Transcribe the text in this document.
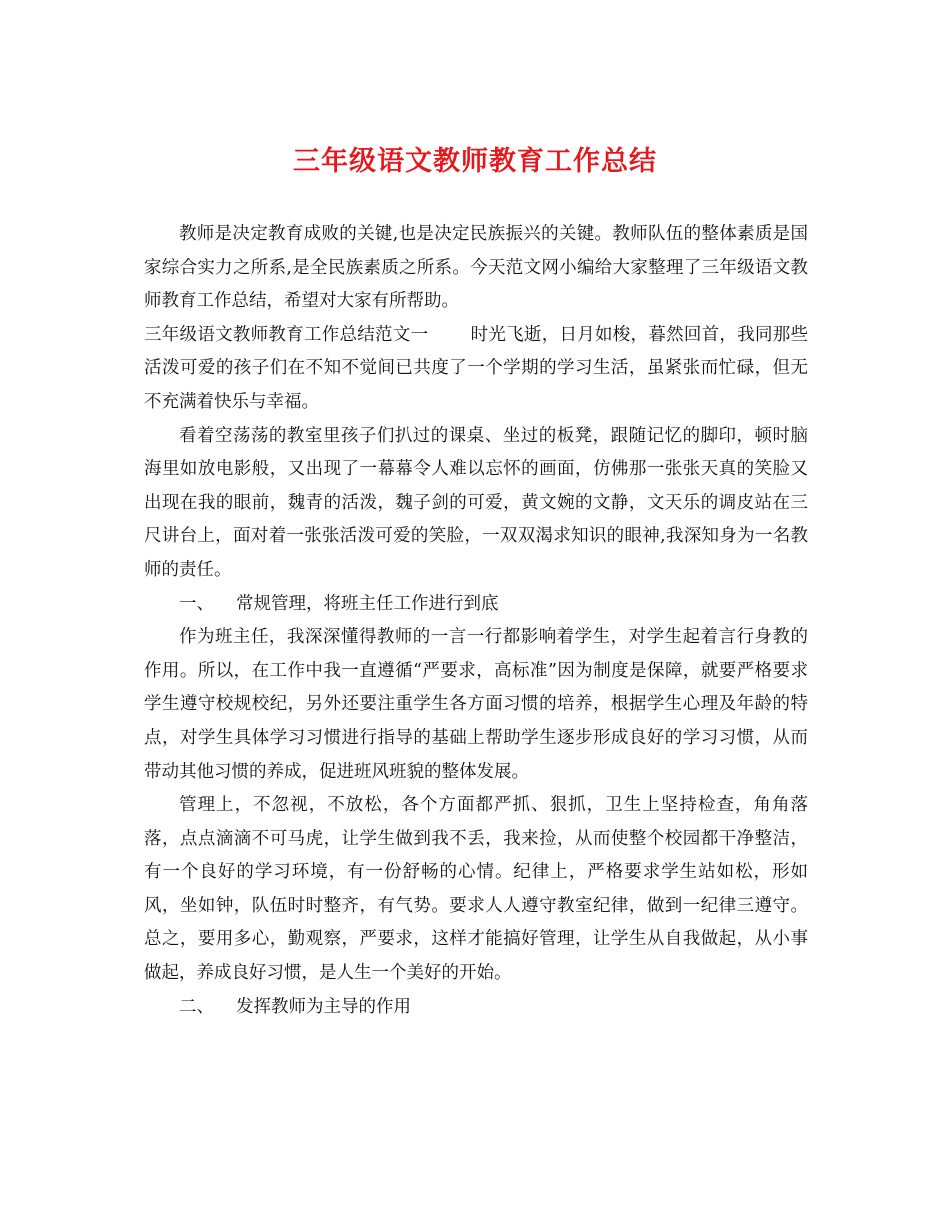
三年级语文教师教育工作总结

教师是决定教育成败的关键,也是决定民族振兴的关键。教师队伍的整体素质是国家综合实力之所系,是全民族素质之所系。今天范文网小编给大家整理了三年级语文教师教育工作总结，希望对大家有所帮助。

三年级语文教师教育工作总结范文一 时光飞逝，日月如梭，暮然回首，我同那些活泼可爱的孩子们在不知不觉间已共度了一个学期的学习生活，虽紧张而忙碌，但无不充满着快乐与幸福。

看着空荡荡的教室里孩子们扒过的课桌、坐过的板凳，跟随记忆的脚印，顿时脑海里如放电影般，又出现了一幕幕令人难以忘怀的画面，仿佛那一张张天真的笑脸又出现在我的眼前，魏青的活泼，魏子剑的可爱，黄文婉的文静，文天乐的调皮站在三尺讲台上，面对着一张张活泼可爱的笑脸，一双双渴求知识的眼神,我深知身为一名教师的责任。

一、 常规管理，将班主任工作进行到底

作为班主任，我深深懂得教师的一言一行都影响着学生，对学生起着言行身教的作用。所以，在工作中我一直遵循“严要求，高标准”因为制度是保障，就要严格要求学生遵守校规校纪，另外还要注重学生各方面习惯的培养，根据学生心理及年龄的特点，对学生具体学习习惯进行指导的基础上帮助学生逐步形成良好的学习习惯，从而带动其他习惯的养成，促进班风班貌的整体发展。

管理上，不忽视，不放松，各个方面都严抓、狠抓，卫生上坚持检查，角角落落，点点滴滴不可马虎，让学生做到我不丢，我来捡，从而使整个校园都干净整洁，有一个良好的学习环境，有一份舒畅的心情。纪律上，严格要求学生站如松，形如风，坐如钟，队伍时时整齐，有气势。要求人人遵守教室纪律，做到一纪律三遵守。总之，要用多心，勤观察，严要求，这样才能搞好管理，让学生从自我做起，从小事做起，养成良好习惯，是人生一个美好的开始。

二、 发挥教师为主导的作用
